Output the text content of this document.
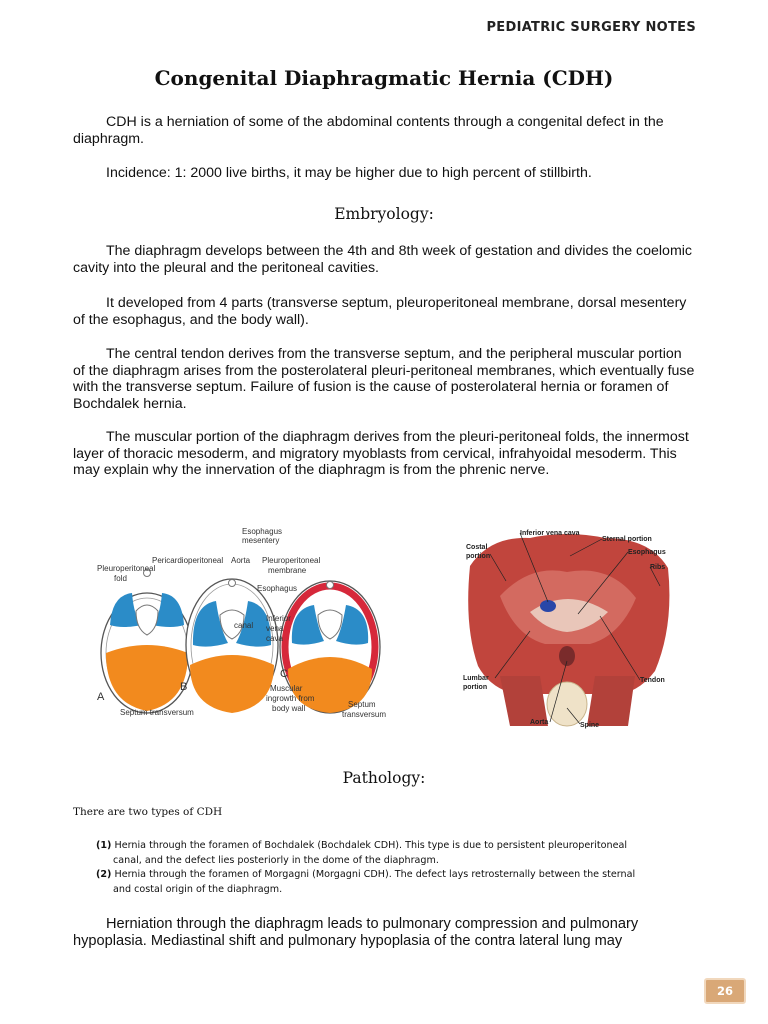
PEDIATRIC SURGERY NOTES
Congenital Diaphragmatic Hernia (CDH)

CDH is a herniation of some of the abdominal contents through a congenital defect in the diaphragm.

Incidence: 1: 2000 live births, it may be higher due to high percent of stillbirth.

Embryology:

The diaphragm develops between the 4th and 8th week of gestation and divides the coelomic cavity into the pleural and the peritoneal cavities.

It developed from 4 parts (transverse septum, pleuroperitoneal membrane, dorsal mesentery of the esophagus, and the body wall).

The central tendon derives from the transverse septum, and the peripheral muscular portion of the diaphragm arises from the posterolateral pleuri-peritoneal membranes, which eventually fuse with the transverse septum. Failure of fusion is the cause of posterolateral hernia or foramen of Bochdalek hernia.

The muscular portion of the diaphragm derives from the pleuri-peritoneal folds, the innermost layer of thoracic mesoderm, and migratory myoblasts from cervical, infrahyoidal mesoderm. This may explain why the innervation of the diaphragm is from the phrenic nerve.

Esophagus
mesentery
Pericardioperitoneal
Pleuroperitoneal
fold
Aorta Pleuroperitoneal
membrane
Esophagus
Inferior
vena
cava
canal
Septum transversum
Muscular
ingrowth from
body wall	Septum
transversum
A
B
C
Inferior vena cava
Sternal portion
Costal
portion
Esophagus
Ribs
Lumbar
portion
Tendon
Aorta	Spine
Pathology:
There are two types of CDH
(1) Hernia through the foramen of Bochdalek (Bochdalek CDH). This type is due to persistent pleuroperitoneal
canal, and the defect lies posteriorly in the dome of the diaphragm.
(2) Hernia through the foramen of Morgagni (Morgagni CDH). The defect lays retrosternally between the sternal
and costal origin of the diaphragm.

Herniation through the diaphragm leads to pulmonary compression and pulmonary hypoplasia. Mediastinal shift and pulmonary hypoplasia of the contra lateral lung may

26
